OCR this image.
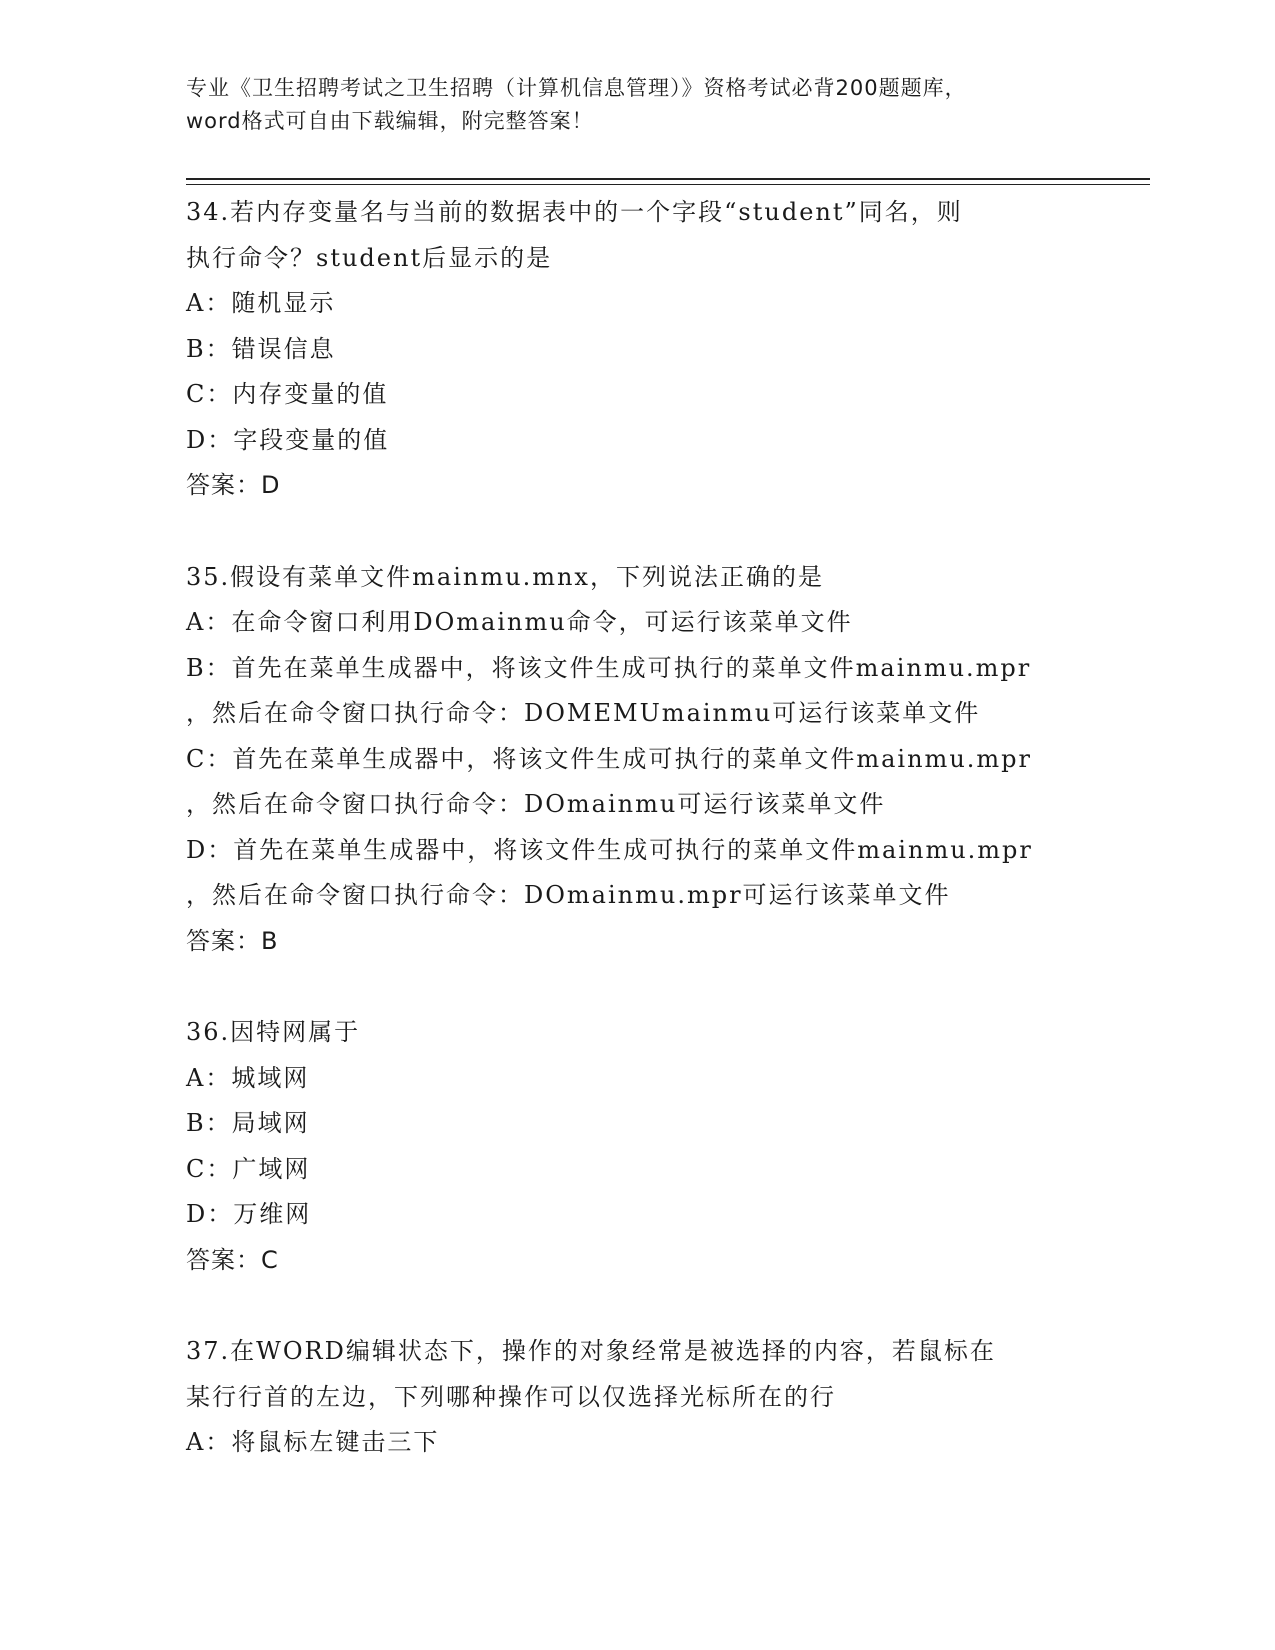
专业《卫生招聘考试之卫生招聘（计算机信息管理）》资格考试必背200题题库，
word格式可自由下载编辑，附完整答案！
34.若内存变量名与当前的数据表中的一个字段“student”同名，则
执行命令？student后显示的是
A：随机显示
B：错误信息
C：内存变量的值
D：字段变量的值
答案：D
35.假设有菜单文件mainmu.mnx，下列说法正确的是
A：在命令窗口利用DOmainmu命令，可运行该菜单文件
B：首先在菜单生成器中，将该文件生成可执行的菜单文件mainmu.mpr
，然后在命令窗口执行命令：DOMEMUmainmu可运行该菜单文件
C：首先在菜单生成器中，将该文件生成可执行的菜单文件mainmu.mpr
，然后在命令窗口执行命令：DOmainmu可运行该菜单文件
D：首先在菜单生成器中，将该文件生成可执行的菜单文件mainmu.mpr
，然后在命令窗口执行命令：DOmainmu.mpr可运行该菜单文件
答案：B
36.因特网属于
A：城域网
B：局域网
C：广域网
D：万维网
答案：C
37.在WORD编辑状态下，操作的对象经常是被选择的内容，若鼠标在
某行行首的左边，下列哪种操作可以仅选择光标所在的行
A：将鼠标左键击三下
